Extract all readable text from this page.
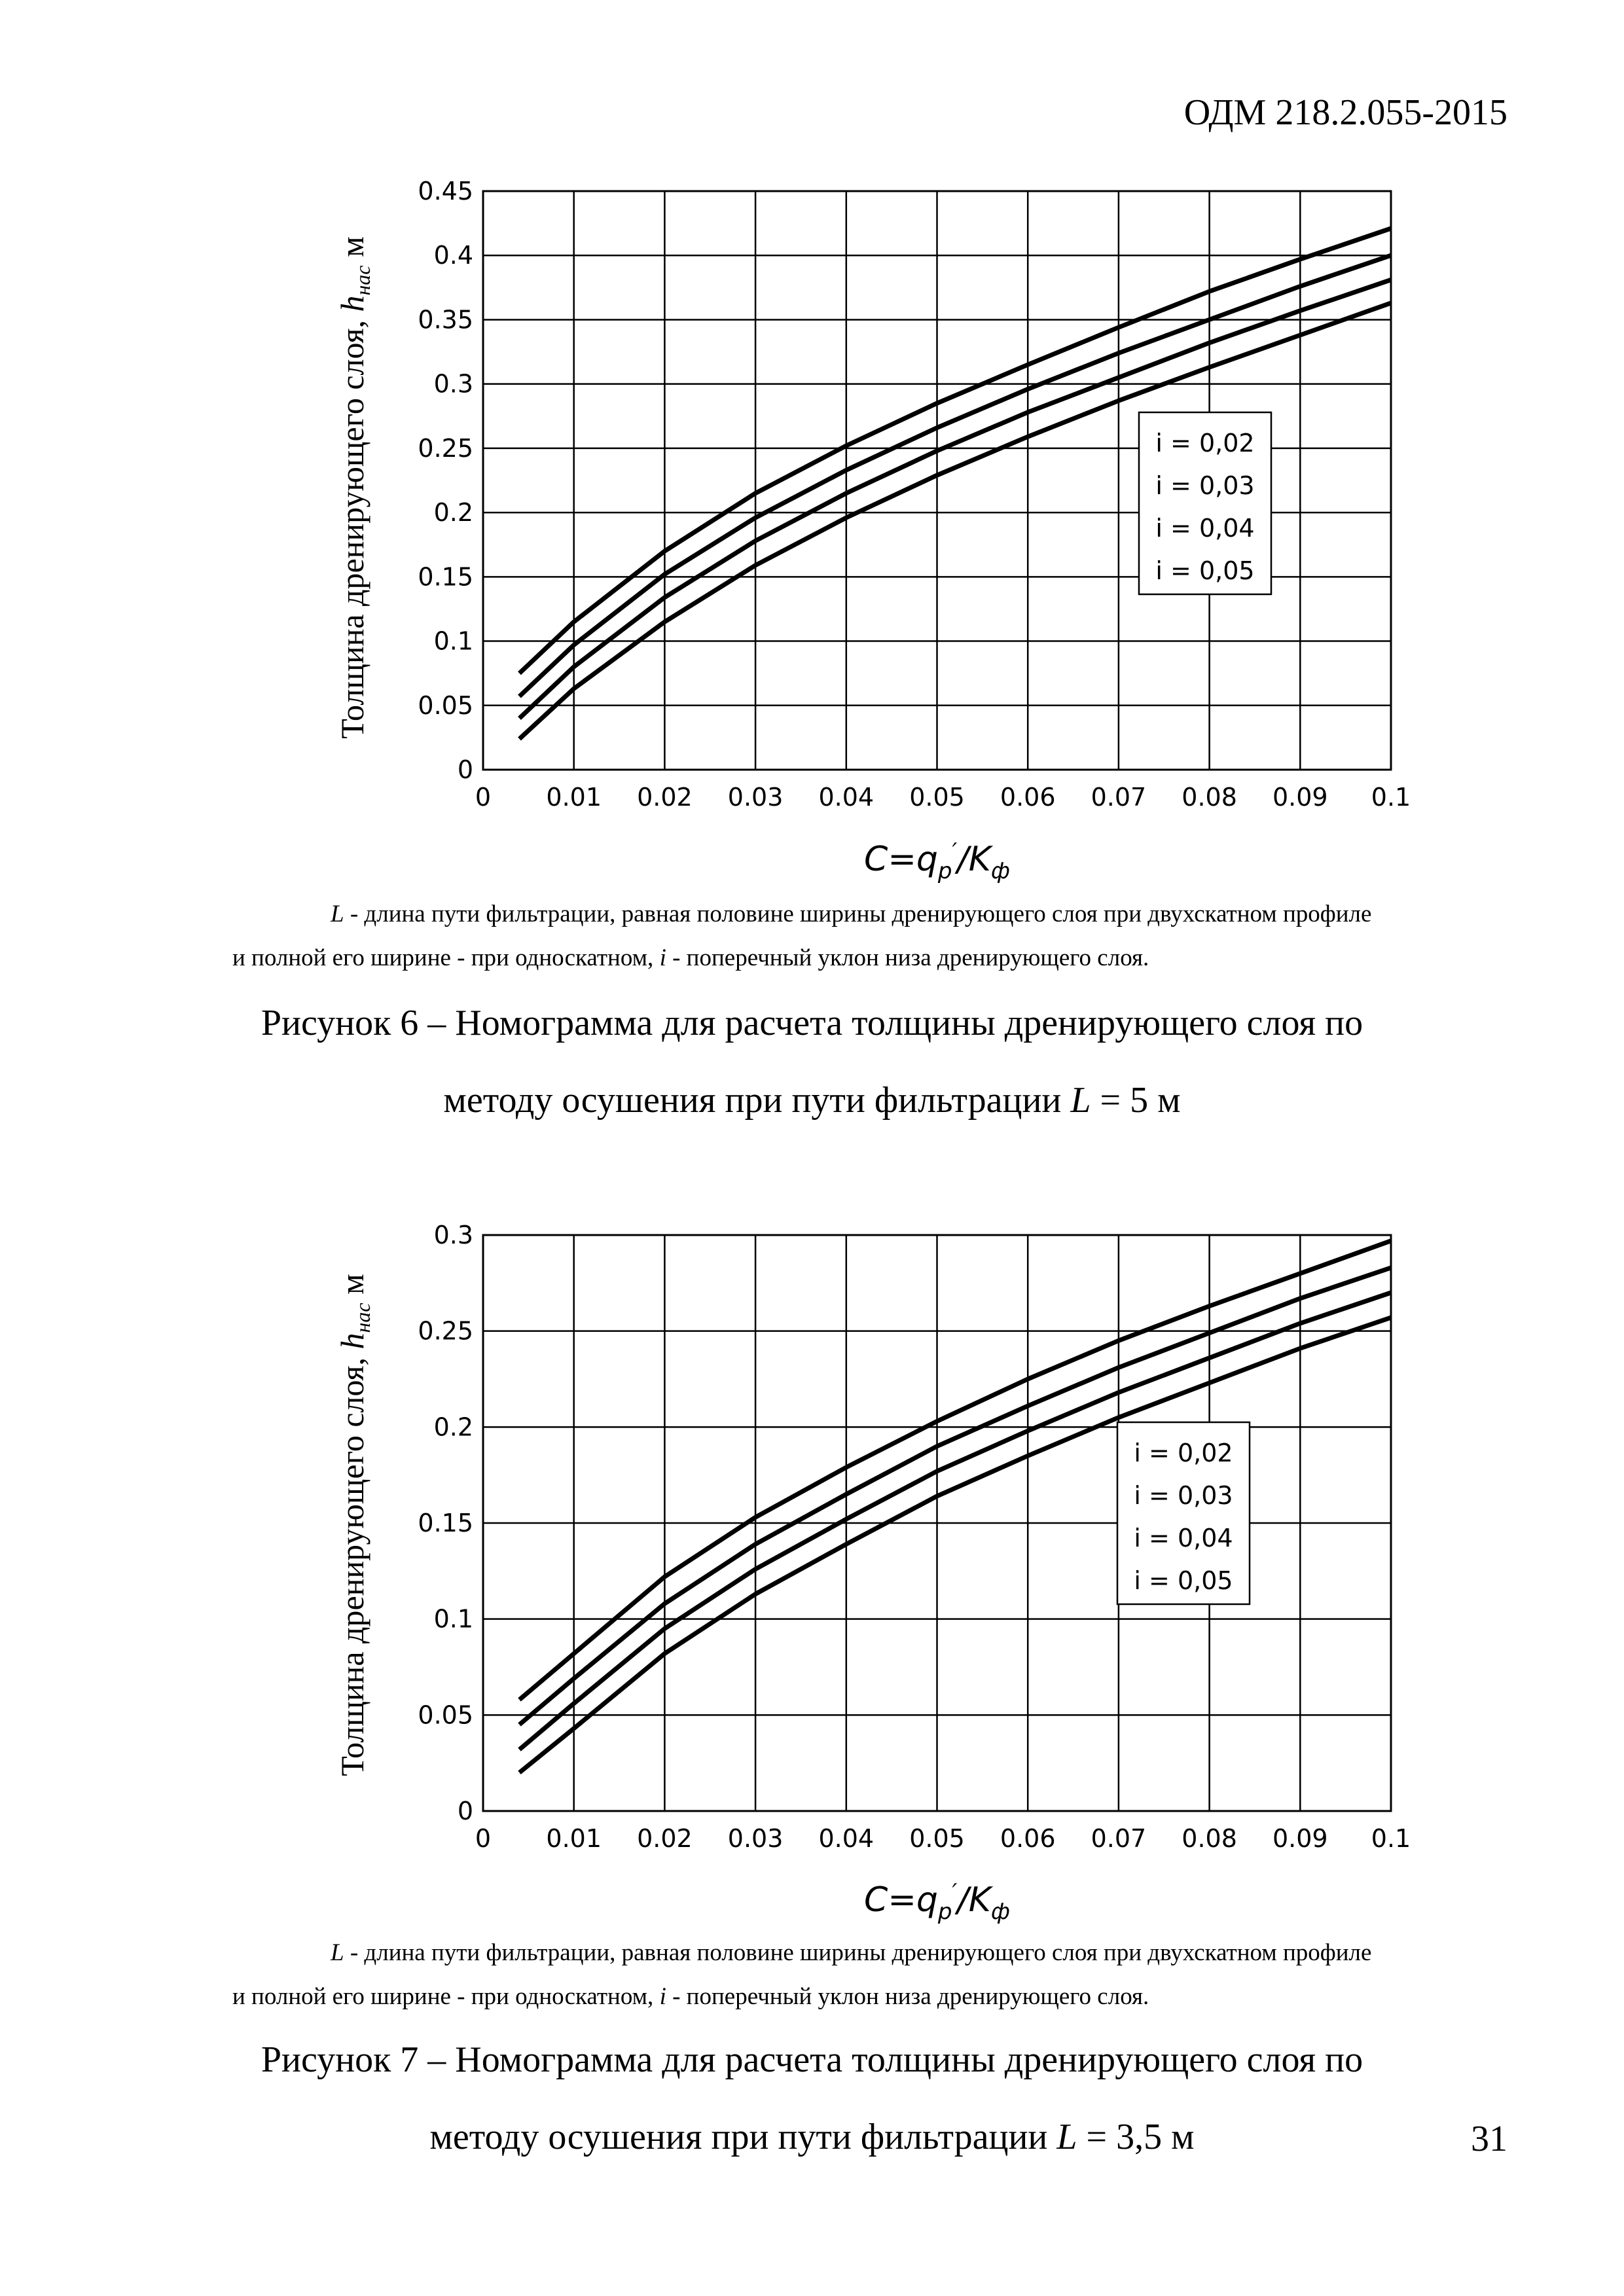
ОДМ 218.2.055-2015
0 0.01 0.02 0.03 0.04 0.05 0.06 0.07 0.08 0.09 0.1
0
0.05
0.1
0.15
0.2
0.25
0.3
0.35
0.4
0.45
i = 0,02
i = 0,03
i = 0,04
i = 0,05
Толщина дренирующего слоя, $h_{нас}$ м
$C=q_p'/K_ф$
L - длина пути фильтрации, равная половине ширины дренирующего слоя при двухскатном профиле
и полной его ширине - при односкатном, i - поперечный уклон низа дренирующего слоя.
Рисунок 6 – Номограмма для расчета толщины дренирующего слоя по
методу осушения при пути фильтрации L = 5 м
0 0.01 0.02 0.03 0.04 0.05 0.06 0.07 0.08 0.09 0.1
0
0.05
0.1
0.15
0.2
0.25
0.3
i = 0,02
i = 0,03
i = 0,04
i = 0,05
Толщина дренирующего слоя, $h_{нас}$ м
$C=q_p'/K_ф$
L - длина пути фильтрации, равная половине ширины дренирующего слоя при двухскатном профиле
и полной его ширине - при односкатном, i - поперечный уклон низа дренирующего слоя.
Рисунок 7 – Номограмма для расчета толщины дренирующего слоя по
методу осушения при пути фильтрации L = 3,5 м	31
